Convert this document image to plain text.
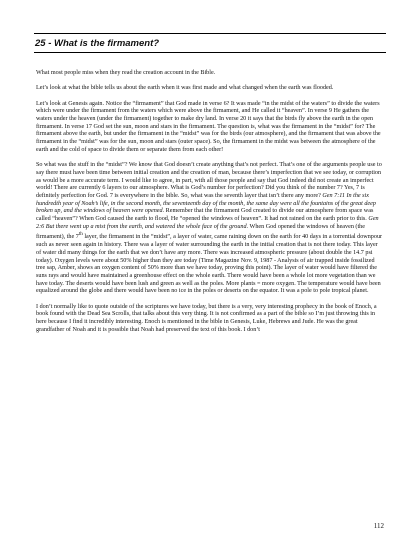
25 - What is the firmament?

What most people miss when they read the creation account in the Bible.

Let’s look at what the bible tells us about the earth when it was first made and what changed when the earth was flooded.

Let’s look at Genesis again. Notice the “firmament” that God made in verse 6? It was made “in the midst of the waters” to divide the waters which were under the firmament from the waters which were above the firmament, and He called it “heaven”. In verse 9 He gathers the waters under the heaven (under the firmament) together to make dry land. In verse 20 it says that the birds fly above the earth in the open firmament. In verse 17 God set the sun, moon and stars in the firmament. The question is, what was the firmament in the “midst” for? The firmament above the earth, but under the firmament in the “midst” was for the birds (our atmosphere), and the firmament that was above the firmament in the “midst” was for the sun, moon and stars (outer space). So, the firmament in the midst was between the atmosphere of the earth and the cold of space to divide them or separate them from each other!

So what was the stuff in the “midst”? We know that God doesn’t create anything that’s not perfect. That’s one of the arguments people use to say there must have been time between initial creation and the creation of man, because there’s imperfection that we see today, or corruption as would be a more accurate term. I would like to agree, in part, with all those people and say that God indeed did not create an imperfect world! There are currently 6 layers to our atmosphere. What is God’s number for perfection? Did you think of the number 7? Yes, 7 is definitely perfection for God. 7 is everywhere in the bible. So, what was the seventh layer that isn’t there any more? Gen 7:11 In the six hundredth year of Noah’s life, in the second month, the seventeenth day of the month, the same day were all the fountains of the great deep broken up, and the windows of heaven were opened. Remember that the firmament God created to divide our atmosphere from space was called “heaven”? When God caused the earth to flood, He “opened the windows of heaven”. It had not rained on the earth prior to this. Gen 2:6 But there went up a mist from the earth, and watered the whole face of the ground. When God opened the windows of heaven (the firmament), the 7th layer, the firmament in the “midst”, a layer of water, came raining down on the earth for 40 days in a torrential downpour such as never seen again in history. There was a layer of water surrounding the earth in the initial creation that is not there today. This layer of water did many things for the earth that we don’t have any more. There was increased atmospheric pressure (about double the 14.7 psi today). Oxygen levels were about 50% higher than they are today (Time Magazine Nov. 9, 1987 - Analysis of air trapped inside fossilized tree sap, Amber, shows an oxygen content of 50% more than we have today, proving this point). The layer of water would have filtered the suns rays and would have maintained a greenhouse effect on the whole earth. There would have been a whole lot more vegetation than we have today. The deserts would have been lush and green as well as the poles. More plants = more oxygen. The temperature would have been equalized around the globe and there would have been no ice in the poles or deserts on the equator. It was a pole to pole tropical planet.

I don’t normally like to quote outside of the scriptures we have today, but there is a very, very interesting prophecy in the book of Enoch, a book found with the Dead Sea Scrolls, that talks about this very thing. It is not confirmed as a part of the bible so I’m just throwing this in here because I find it incredibly interesting. Enoch is mentioned in the bible in Genesis, Luke, Hebrews and Jude. He was the great grandfather of Noah and it is possible that Noah had preserved the text of this book. I don’t

112
